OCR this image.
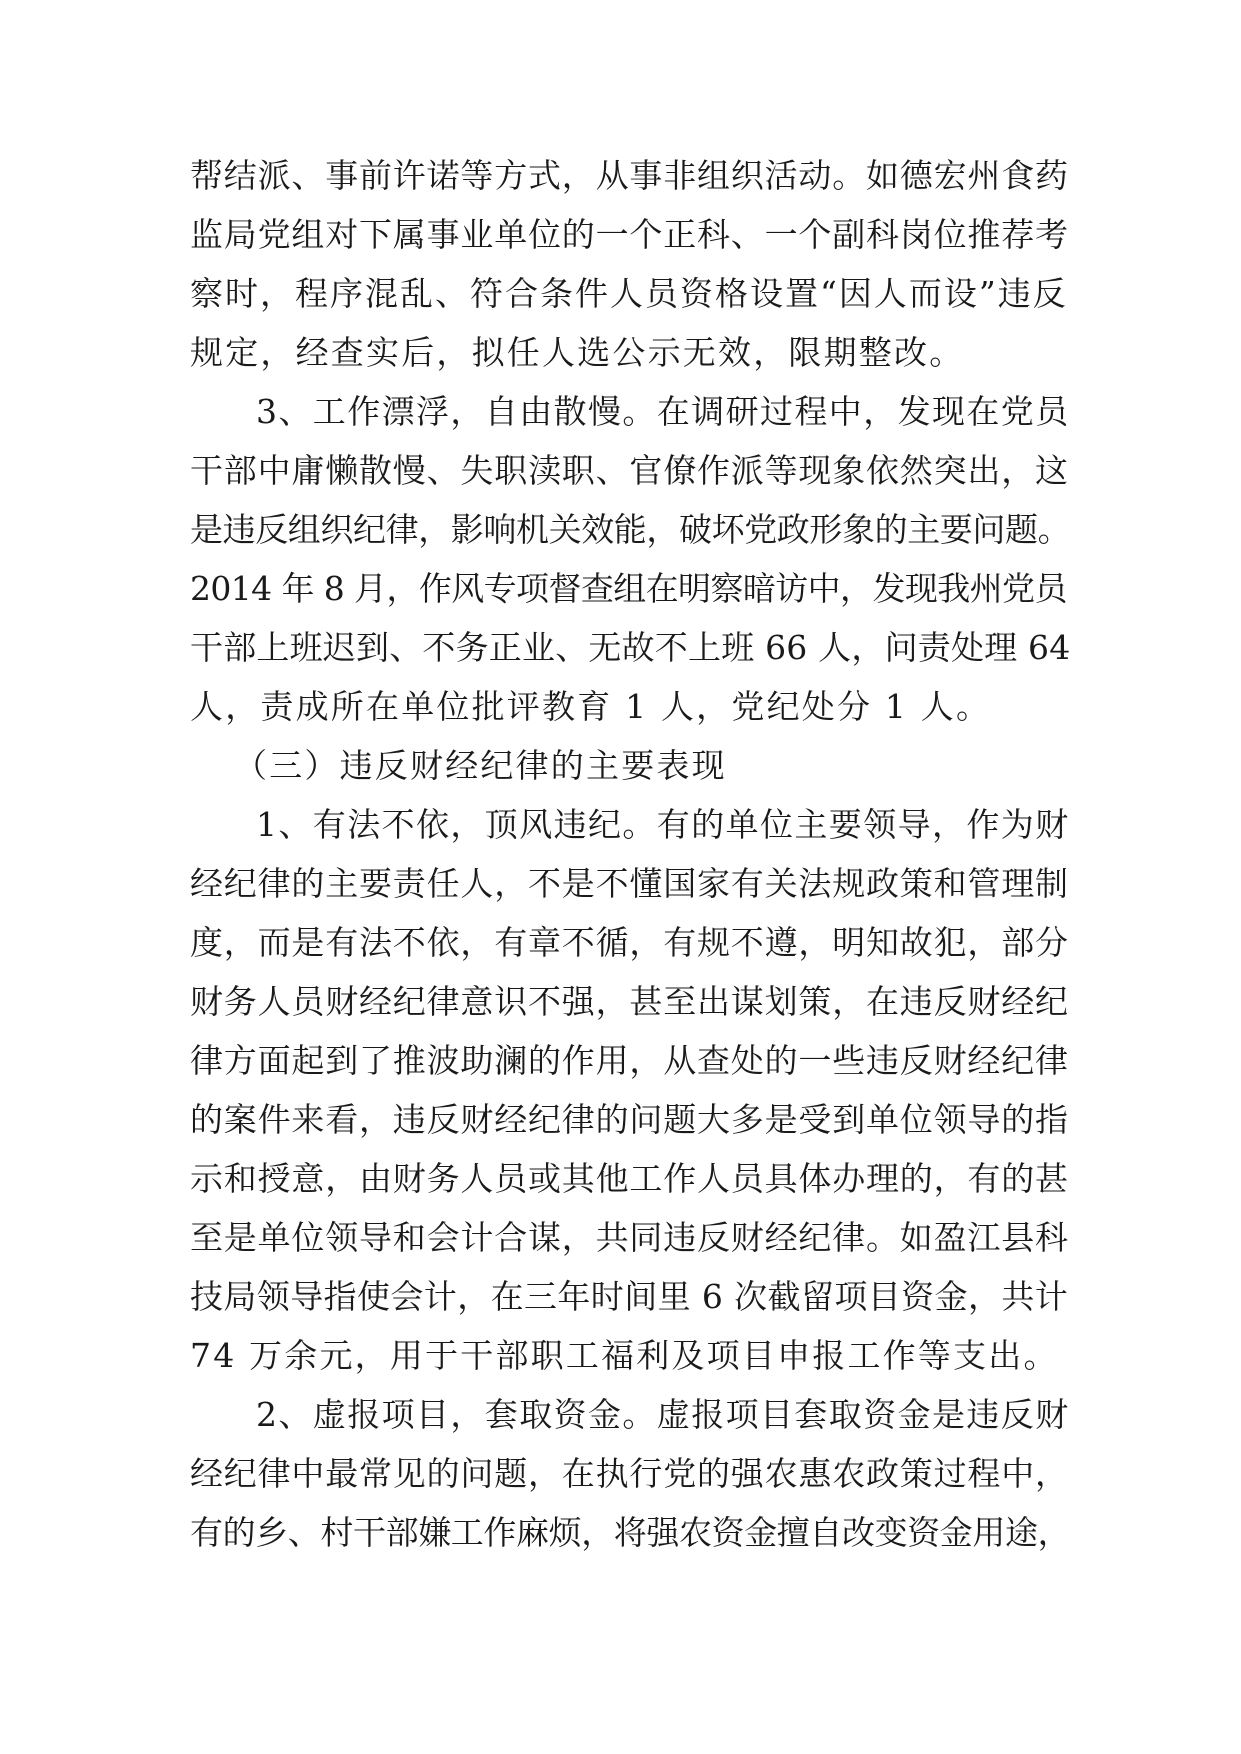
帮结派、事前许诺等方式，从事非组织活动。如德宏州食药
监局党组对下属事业单位的一个正科、一个副科岗位推荐考
察时，程序混乱、符合条件人员资格设置“因人而设”违反
规定，经查实后，拟任人选公示无效，限期整改。
3、工作漂浮，自由散慢。在调研过程中，发现在党员
干部中庸懒散慢、失职渎职、官僚作派等现象依然突出，这
是违反组织纪律，影响机关效能，破坏党政形象的主要问题。
2014 年 8 月，作风专项督查组在明察暗访中，发现我州党员
干部上班迟到、不务正业、无故不上班 66 人，问责处理 64
人，责成所在单位批评教育 1 人，党纪处分 1 人。
（三）违反财经纪律的主要表现
1、有法不依，顶风违纪。有的单位主要领导，作为财
经纪律的主要责任人，不是不懂国家有关法规政策和管理制
度，而是有法不依，有章不循，有规不遵，明知故犯，部分
财务人员财经纪律意识不强，甚至出谋划策，在违反财经纪
律方面起到了推波助澜的作用，从查处的一些违反财经纪律
的案件来看，违反财经纪律的问题大多是受到单位领导的指
示和授意，由财务人员或其他工作人员具体办理的，有的甚
至是单位领导和会计合谋，共同违反财经纪律。如盈江县科
技局领导指使会计，在三年时间里 6 次截留项目资金，共计
74 万余元，用于干部职工福利及项目申报工作等支出。
2、虚报项目，套取资金。虚报项目套取资金是违反财
经纪律中最常见的问题，在执行党的强农惠农政策过程中，
有的乡、村干部嫌工作麻烦，将强农资金擅自改变资金用途，
